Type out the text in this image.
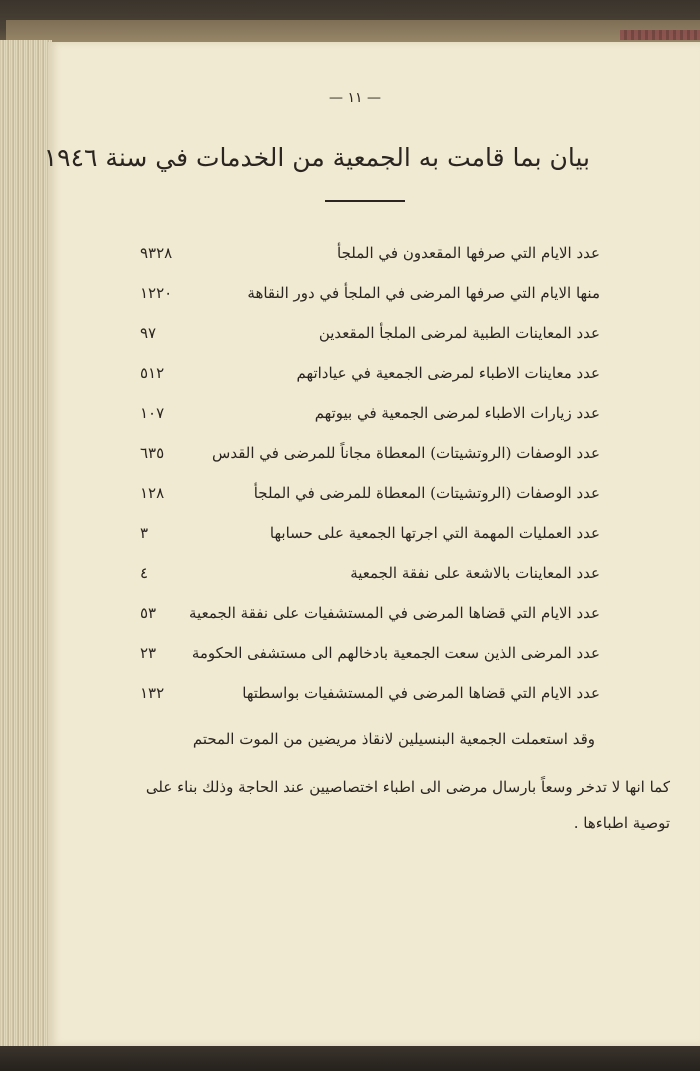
— ١١ —
بيان بما قامت به الجمعية من الخدمات في سنة ١٩٤٦
عدد الايام التي صرفها المقعدون في الملجأ
٩٣٢٨
منها الايام التي صرفها المرضى في الملجأ في دور النقاهة
١٢٢٠
عدد المعاينات الطبية لمرضى الملجأ المقعدين
٩٧
عدد معاينات الاطباء لمرضى الجمعية في عياداتهم
٥١٢
عدد زيارات الاطباء لمرضى الجمعية في بيوتهم
١٠٧
عدد الوصفات (الروتشيتات) المعطاة مجاناً للمرضى في القدس
٦٣٥
عدد الوصفات (الروتشيتات) المعطاة للمرضى في الملجأ
١٢٨
عدد العمليات المهمة التي اجرتها الجمعية على حسابها
٣
عدد المعاينات بالاشعة على نفقة الجمعية
٤
عدد الايام التي قضاها المرضى في المستشفيات على نفقة الجمعية
٥٣
عدد المرضى الذين سعت الجمعية بادخالهم الى مستشفى الحكومة
٢٣
عدد الايام التي قضاها المرضى في المستشفيات بواسطتها
١٣٢
وقد استعملت الجمعية البنسيلين لانقاذ مريضين من الموت المحتم
كما انها لا تدخر وسعاً بارسال مرضى الى اطباء اختصاصيين عند الحاجة وذلك بناء على
توصية اطباءها .
